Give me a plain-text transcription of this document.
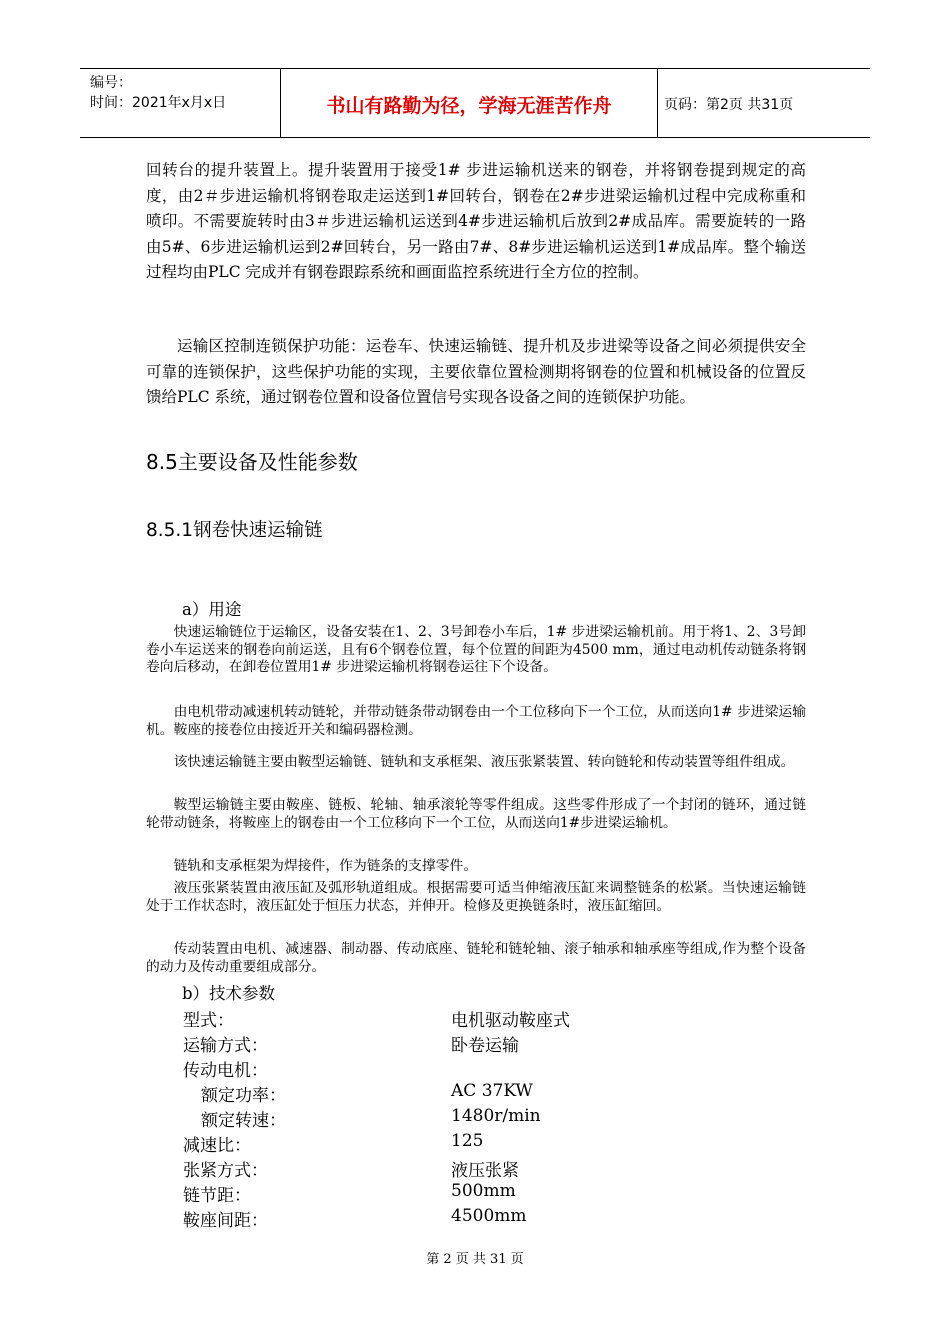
编号：
时间：2021年x月x日	书山有路勤为径，学海无涯苦作舟	页码：第2页 共31页
回转台的提升装置上。提升装置用于接受1# 步进运输机送来的钢卷，并将钢卷提到规定的高度，由2＃步进运输机将钢卷取走运送到1#回转台，钢卷在2#步进梁运输机过程中完成称重和喷印。不需要旋转时由3＃步进运输机运送到4#步进运输机后放到2#成品库。需要旋转的一路由5#、6步进运输机运到2#回转台，另一路由7#、8#步进运输机运送到1#成品库。整个输送过程均由PLC 完成并有钢卷跟踪系统和画面监控系统进行全方位的控制。
运输区控制连锁保护功能：运卷车、快速运输链、提升机及步进梁等设备之间必须提供安全可靠的连锁保护，这些保护功能的实现，主要依靠位置检测期将钢卷的位置和机械设备的位置反馈给PLC 系统，通过钢卷位置和设备位置信号实现各设备之间的连锁保护功能。
8.5主要设备及性能参数
8.5.1钢卷快速运输链
a）用途
快速运输链位于运输区，设备安装在1、2、3号卸卷小车后，1# 步进梁运输机前。用于将1、2、3号卸卷小车运送来的钢卷向前运送，且有6个钢卷位置，每个位置的间距为4500 mm，通过电动机传动链条将钢卷向后移动，在卸卷位置用1# 步进梁运输机将钢卷运往下个设备。
由电机带动减速机转动链轮，并带动链条带动钢卷由一个工位移向下一个工位，从而送向1# 步进梁运输机。鞍座的接卷位由接近开关和编码器检测。
该快速运输链主要由鞍型运输链、链轨和支承框架、液压张紧装置、转向链轮和传动装置等组件组成。
鞍型运输链主要由鞍座、链板、轮轴、轴承滚轮等零件组成。这些零件形成了一个封闭的链环，通过链轮带动链条，将鞍座上的钢卷由一个工位移向下一个工位，从而送向1#步进梁运输机。
链轨和支承框架为焊接件，作为链条的支撑零件。
液压张紧装置由液压缸及弧形轨道组成。根据需要可适当伸缩液压缸来调整链条的松紧。当快速运输链处于工作状态时，液压缸处于恒压力状态，并伸开。检修及更换链条时，液压缸缩回。
传动装置由电机、减速器、制动器、传动底座、链轮和链轮轴、滚子轴承和轴承座等组成,作为整个设备的动力及传动重要组成部分。
b）技术参数
型式：	电机驱动鞍座式
运输方式：	卧卷运输
传动电机：
额定功率：	AC 37KW
额定转速：	1480r/min
减速比：	125
张紧方式：	液压张紧
链节距：	500mm
鞍座间距：	4500mm
第 2 页 共 31 页
